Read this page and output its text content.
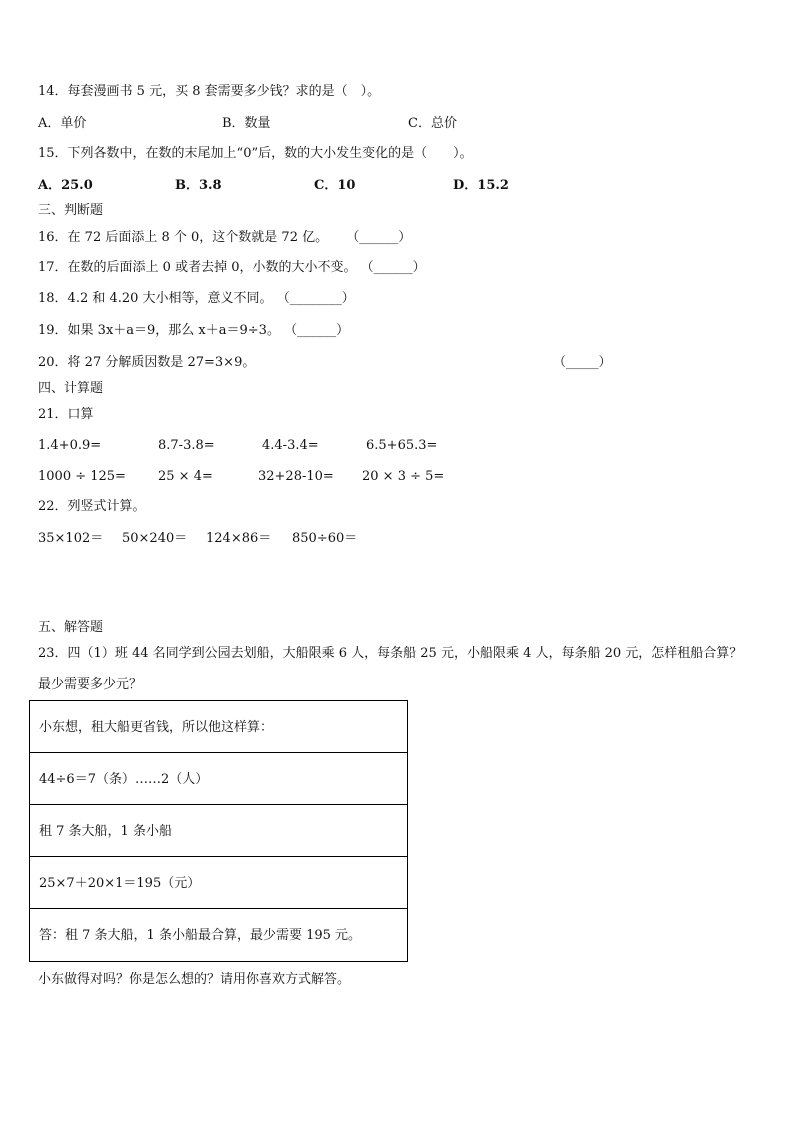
14．每套漫画书 5 元，买 8 套需要多少钱？求的是（　）。
A．单价	B．数量	C．总价
15．下列各数中，在数的末尾加上“0”后，数的大小发生变化的是（　　）。
A．25.0	B．3.8	C．10	D．15.2
三、判断题
16．在 72 后面添上 8 个 0，这个数就是 72 亿。 （______）
17．在数的后面添上 0 或者去掉 0，小数的大小不变。 （______）
18．4.2 和 4.20 大小相等，意义不同。 （________）
19．如果 3x＋a＝9，那么 x＋a＝9÷3。 （______）
20．将 27 分解质因数是 27=3×9。	（_____）
四、计算题
21．口算
1.4+0.9=	8.7-3.8=	4.4-3.4=	6.5+65.3=
1000 ÷ 125= 25 × 4=	32+28-10= 20 × 3 ÷ 5=
22．列竖式计算。
35×102＝ 50×240＝ 124×86＝ 850÷60＝
五、解答题
23．四（1）班 44 名同学到公园去划船，大船限乘 6 人，每条船 25 元，小船限乘 4 人，每条船 20 元，怎样租船合算？
最少需要多少元？
小东想，租大船更省钱，所以他这样算：
44÷6＝7（条）……2（人）
租 7 条大船，1 条小船
25×7＋20×1＝195（元）
答：租 7 条大船，1 条小船最合算，最少需要 195 元。
小东做得对吗？你是怎么想的？请用你喜欢方式解答。
